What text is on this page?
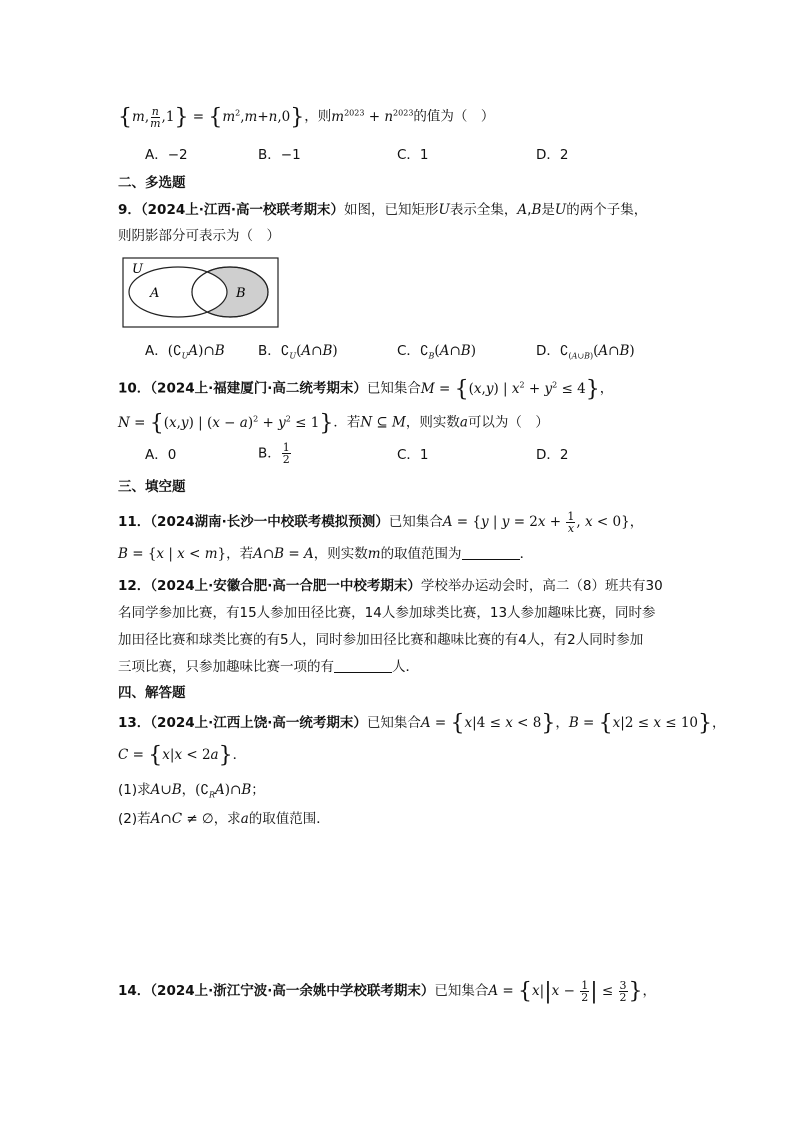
{m, $\frac{n}{m} ,1\} = \{m^2,m+n,0\}$，则$m^{2023} + n^{2023}$的值为（　）
A．−2	B．−1	C．1	D．2
二、多选题
9．（2024上·江西·高一校联考期末）如图，已知矩形U表示全集，A,B是U的两个子集，
则阴影部分可表示为（　）
U
A	B
A．$(∁_UA)\cap B$ B．$∁_U(A\cap B)$	C．$∁_B(A\cap B)$	D．$∁_{(A\cup B)}(A\cap B)$
10．（2024上·福建厦门·高二统考期末）已知集合M = {(x,y) | $x^2 + y^2 \le 4$}，
N = {(x,y) | $(x - a)^2 + y^2 \le 1$}．若N ⊆ M，则实数a可以为（　）
A．0	B． $\frac{1}{2}$	C．1	D．2
三、填空题
11．（2024湖南·长沙一中校联考模拟预测）已知集合A = {y | $y = 2x + \frac{1}{x}$ , x < 0}，
B = {x | x < m}，若A∩B = A，则实数m的取值范围为	．
12．（2024上·安徽合肥·高一合肥一中校考期末）学校举办运动会时，高二（8）班共有30
名同学参加比赛，有15人参加田径比赛，14人参加球类比赛，13人参加趣味比赛，同时参
加田径比赛和球类比赛的有5人，同时参加田径比赛和趣味比赛的有4人，有2人同时参加
三项比赛，只参加趣味比赛一项的有	人．
四、解答题
13．（2024上·江西上饶·高一统考期末）已知集合A = {x|4 ≤ x < 8}，B = {x|2 ≤ x ≤ 10}，
C = {x|x < 2a}．
(1)求A∪B，$(∁_RA)\cap B$；
(2)若A∩C ≠ ∅，求a的取值范围．
14．（2024上·浙江宁波·高一余姚中学校联考期末）已知集合$A = \{x||x - \frac{1}{2}$ | ≤ $\frac{3}{2}$ }，
